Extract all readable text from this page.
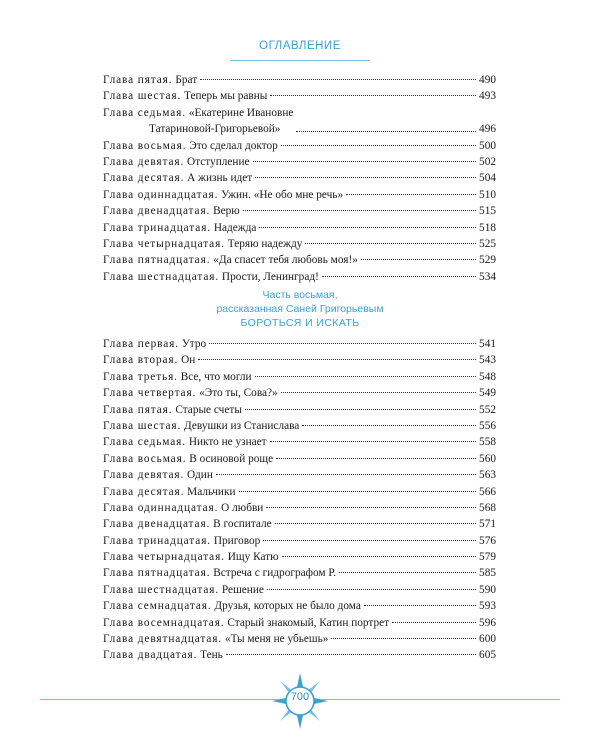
ОГЛАВЛЕНИЕ
Глава пятая. Брат	490
Глава шестая. Теперь мы равны	493
Глава седьмая. «Екатерине Ивановне
Татариновой-Григорьевой»	496
Глава восьмая. Это сделал доктор	500
Глава девятая. Отступление	502
Глава десятая. А жизнь идет	504
Глава одиннадцатая. Ужин. «Не обо мне речь»	510
Глава двенадцатая. Верю	515
Глава тринадцатая. Надежда	518
Глава четырнадцатая. Теряю надежду	525
Глава пятнадцатая. «Да спасет тебя любовь моя!»	529
Глава шестнадцатая. Прости, Ленинград!	534
Часть восьмая,
рассказанная Саней Григорьевым
БОРОТЬСЯ И ИСКАТЬ
Глава первая. Утро	541
Глава вторая. Он	543
Глава третья. Все, что могли	548
Глава четвертая. «Это ты, Сова?»	549
Глава пятая. Старые счеты	552
Глава шестая. Девушки из Станислава	556
Глава седьмая. Никто не узнает	558
Глава восьмая. В осиновой роще	560
Глава девятая. Один	563
Глава десятая. Мальчики	566
Глава одиннадцатая. О любви	568
Глава двенадцатая. В госпитале	571
Глава тринадцатая. Приговор	576
Глава четырнадцатая. Ищу Катю	579
Глава пятнадцатая. Встреча с гидрографом Р.	585
Глава шестнадцатая. Решение	590
Глава семнадцатая. Друзья, которых не было дома	593
Глава восемнадцатая. Старый знакомый, Катин портрет	596
Глава девятнадцатая. «Ты меня не убьешь»	600
Глава двадцатая. Тень	605
700
